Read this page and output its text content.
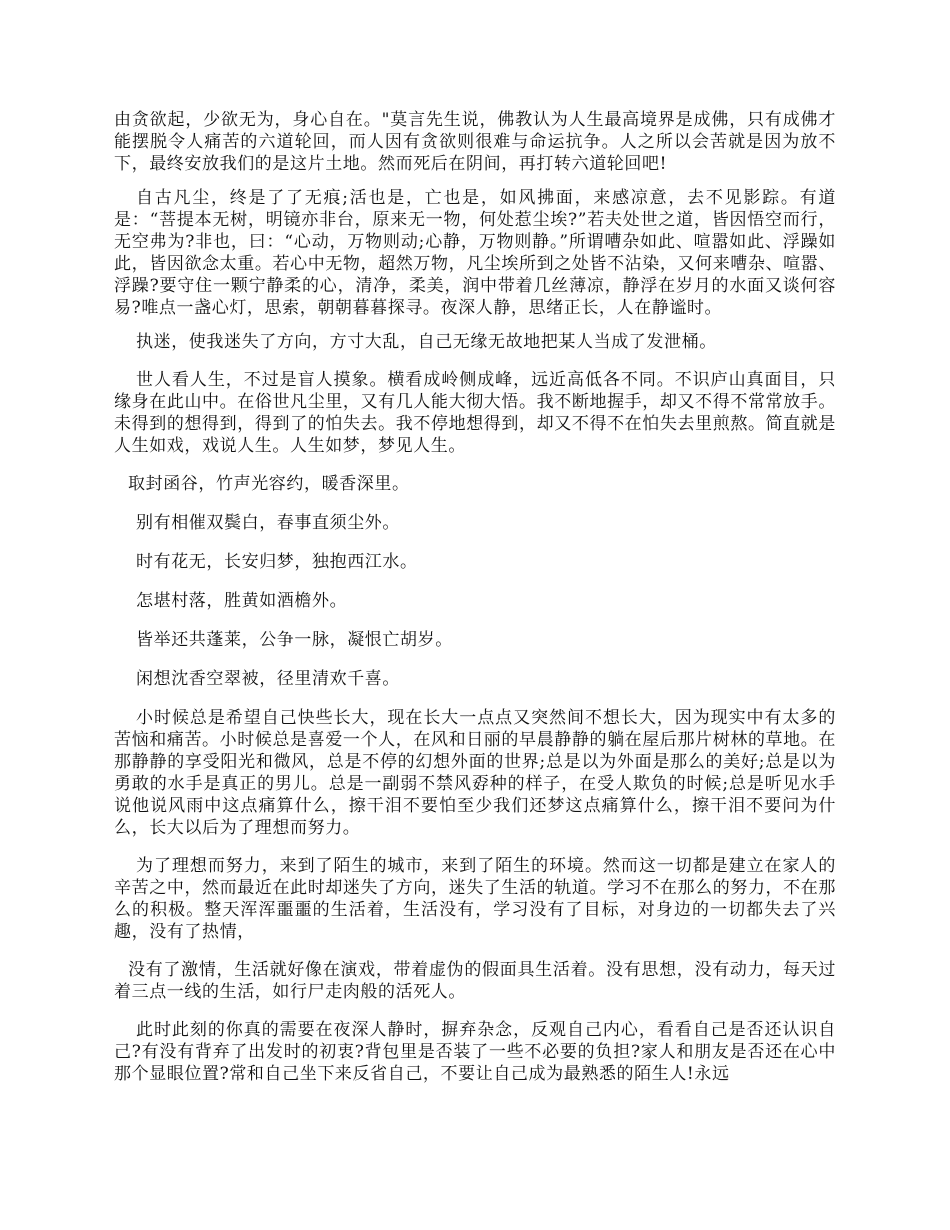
由贪欲起，少欲无为，身心自在。"莫言先生说，佛教认为人生最高境界是成佛，只有成佛才能摆脱令人痛苦的六道轮回，而人因有贪欲则很难与命运抗争。人之所以会苦就是因为放不下，最终安放我们的是这片土地。然而死后在阴间，再打转六道轮回吧!

自古凡尘，终是了了无痕;活也是，亡也是，如风拂面，来感凉意，去不见影踪。有道是：“菩提本无树，明镜亦非台，原来无一物，何处惹尘埃?”若夫处世之道，皆因悟空而行，无空弗为?非也，曰：“心动，万物则动;心静，万物则静。”所谓嘈杂如此、喧嚣如此、浮躁如此，皆因欲念太重。若心中无物，超然万物，凡尘埃所到之处皆不沾染，又何来嘈杂、喧嚣、浮躁?要守住一颗宁静柔的心，清净，柔美，润中带着几丝薄凉，静浮在岁月的水面又谈何容易?唯点一盏心灯，思索，朝朝暮暮探寻。夜深人静，思绪正长，人在静谧时。

执迷，使我迷失了方向，方寸大乱，自己无缘无故地把某人当成了发泄桶。

世人看人生，不过是盲人摸象。横看成岭侧成峰，远近高低各不同。不识庐山真面目，只缘身在此山中。在俗世凡尘里，又有几人能大彻大悟。我不断地握手，却又不得不常常放手。未得到的想得到，得到了的怕失去。我不停地想得到，却又不得不在怕失去里煎熬。简直就是人生如戏，戏说人生。人生如梦，梦见人生。

取封函谷，竹声光容约，暖香深里。

别有相催双鬓白，春事直须尘外。

时有花无，长安归梦，独抱西江水。

怎堪村落，胜黄如酒檐外。

皆举还共蓬莱，公争一脉，凝恨亡胡岁。

闲想沈香空翠被，径里清欢千喜。

小时候总是希望自己快些长大，现在长大一点点又突然间不想长大，因为现实中有太多的苦恼和痛苦。小时候总是喜爱一个人，在风和日丽的早晨静静的躺在屋后那片树林的草地。在那静静的享受阳光和微风，总是不停的幻想外面的世界;总是以为外面是那么的美好;总是以为勇敢的水手是真正的男儿。总是一副弱不禁风孬种的样子，在受人欺负的时候;总是听见水手说他说风雨中这点痛算什么，擦干泪不要怕至少我们还梦这点痛算什么，擦干泪不要问为什么，长大以后为了理想而努力。

为了理想而努力，来到了陌生的城市，来到了陌生的环境。然而这一切都是建立在家人的辛苦之中，然而最近在此时却迷失了方向，迷失了生活的轨道。学习不在那么的努力，不在那么的积极。整天浑浑噩噩的生活着，生活没有，学习没有了目标，对身边的一切都失去了兴趣，没有了热情，

没有了激情，生活就好像在演戏，带着虚伪的假面具生活着。没有思想，没有动力，每天过着三点一线的生活，如行尸走肉般的活死人。

此时此刻的你真的需要在夜深人静时，摒弃杂念，反观自己内心，看看自己是否还认识自己?有没有背弃了出发时的初衷?背包里是否装了一些不必要的负担?家人和朋友是否还在心中那个显眼位置?常和自己坐下来反省自己，不要让自己成为最熟悉的陌生人!永远
